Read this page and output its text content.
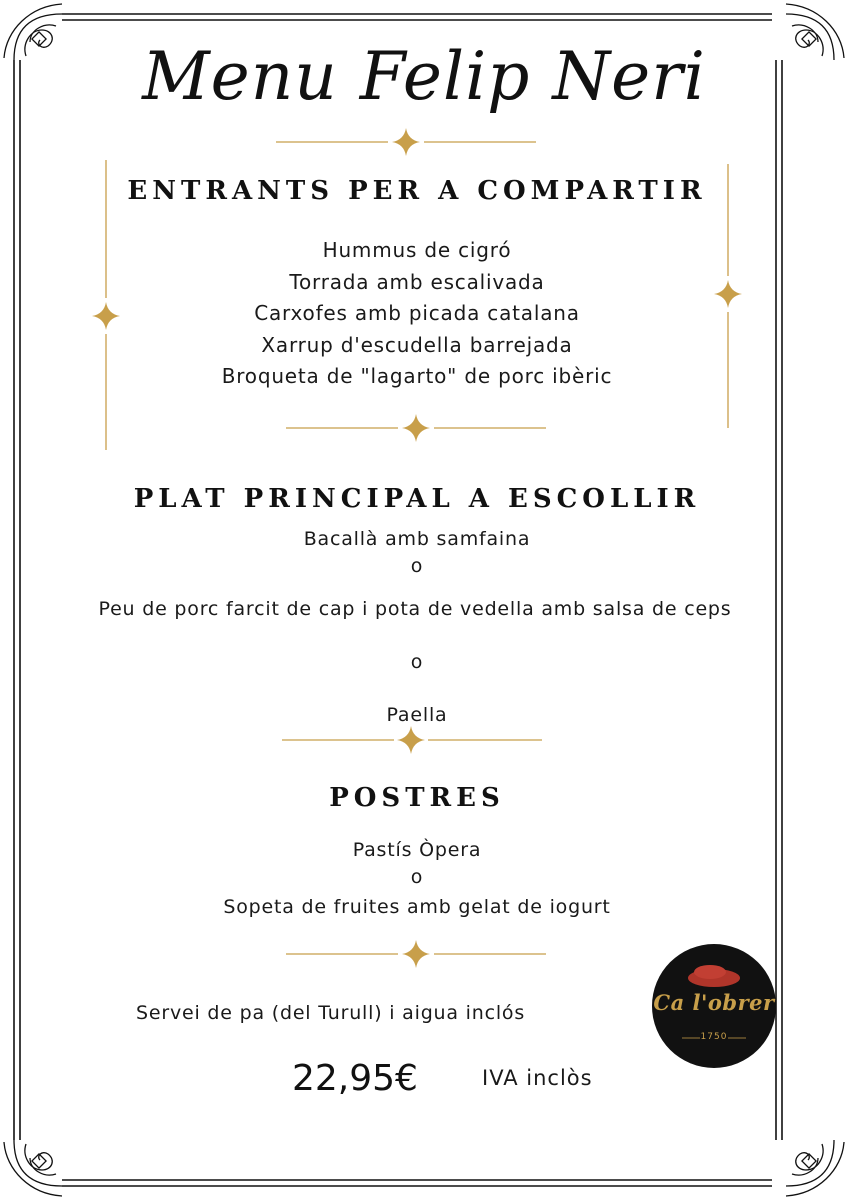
Menu Felip Neri
ENTRANTS PER A COMPARTIR
Hummus de cigró
Torrada amb escalivada
Carxofes amb picada catalana
Xarrup d'escudella barrejada
Broqueta de "lagarto" de porc ibèric
PLAT PRINCIPAL A ESCOLLIR
Bacallà amb samfaina
o
Peu de porc farcit de cap i pota de vedella amb salsa de ceps
o
Paella
POSTRES
Pastís Òpera
o
Sopeta de fruites amb gelat de iogurt
Servei de pa (del Turull) i aigua inclós
22,95€	IVA inclòs
Ca l'obrer
1750
